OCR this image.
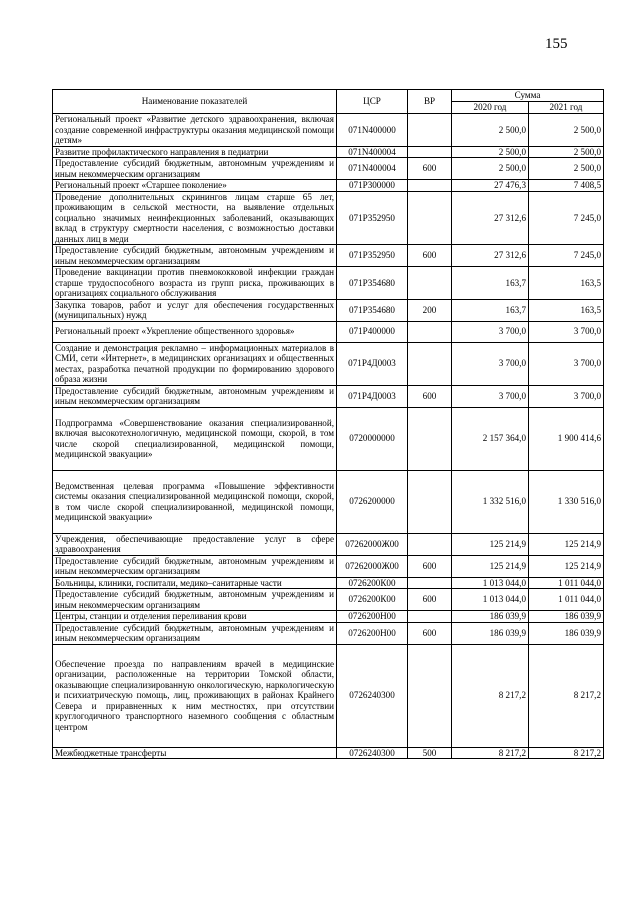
155
Наименование показателей	ЦСР	ВР	Сумма	
			2020 год	2021 год
Региональный проект «Развитие детского здравоохранения, включая создание современной инфраструктуры оказания медицинской помощи детям»	071N400000		2 500,0	2 500,0
Развитие профилактического направления в педиатрии	071N400004		2 500,0	2 500,0
Предоставление субсидий бюджетным, автономным учреждениям и иным некоммерческим организациям	071N400004	600	2 500,0	2 500,0
Региональный проект «Старшее поколение»	071P300000		27 476,3	7 408,5
Проведение дополнительных скринингов лицам старше 65 лет, проживающим в сельской местности, на выявление отдельных социально значимых неинфекционных заболеваний, оказывающих вклад в структуру смертности населения, с возможностью доставки данных лиц в меди	071P352950		27 312,6	7 245,0
Предоставление субсидий бюджетным, автономным учреждениям и иным некоммерческим организациям	071P352950	600	27 312,6	7 245,0
Проведение вакцинации против пневмококковой инфекции граждан старше трудоспособного возраста из групп риска, проживающих в организациях социального обслуживания	071P354680		163,7	163,5
Закупка товаров, работ и услуг для обеспечения государственных (муниципальных) нужд	071P354680	200	163,7	163,5
Региональный проект «Укрепление общественного здоровья»	071P400000		3 700,0	3 700,0
Создание и демонстрация рекламно – информационных материалов в СМИ, сети «Интернет», в медицинских организациях и общественных местах, разработка печатной продукции по формированию здорового образа жизни	071Р4Д0003		3 700,0	3 700,0
Предоставление субсидий бюджетным, автономным учреждениям и иным некоммерческим организациям	071Р4Д0003	600	3 700,0	3 700,0
Подпрограмма «Совершенствование оказания специализированной, включая высокотехнологичную, медицинской помощи, скорой, в том числе скорой специализированной, медицинской помощи, медицинской эвакуации»	0720000000		2 157 364,0	1 900 414,6
Ведомственная целевая программа «Повышение эффективности системы оказания специализированной медицинской помощи, скорой, в том числе скорой специализированной, медицинской помощи, медицинской эвакуации»	0726200000		1 332 516,0	1 330 516,0
Учреждения, обеспечивающие предоставление услуг в сфере здравоохранения	07262000Ж00		125 214,9	125 214,9
Предоставление субсидий бюджетным, автономным учреждениям и иным некоммерческим организациям	07262000Ж00	600	125 214,9	125 214,9
Больницы, клиники, госпитали, медико–санитарные части	0726200К00		1 013 044,0	1 011 044,0
Предоставление субсидий бюджетным, автономным учреждениям и иным некоммерческим организациям	0726200К00	600	1 013 044,0	1 011 044,0
Центры, станции и отделения переливания крови	0726200Н00		186 039,9	186 039,9
Предоставление субсидий бюджетным, автономным учреждениям и иным некоммерческим организациям	0726200Н00	600	186 039,9	186 039,9
Обеспечение проезда по направлениям врачей в медицинские организации, расположенные на территории Томской области, оказывающие специализированную онкологическую, наркологическую и психиатрическую помощь, лиц, проживающих в районах Крайнего Севера и приравненных к ним местностях, при отсутствии круглогодичного транспортного наземного сообщения с областным центром	0726240300		8 217,2	8 217,2
Межбюджетные трансферты	0726240300	500	8 217,2	8 217,2
